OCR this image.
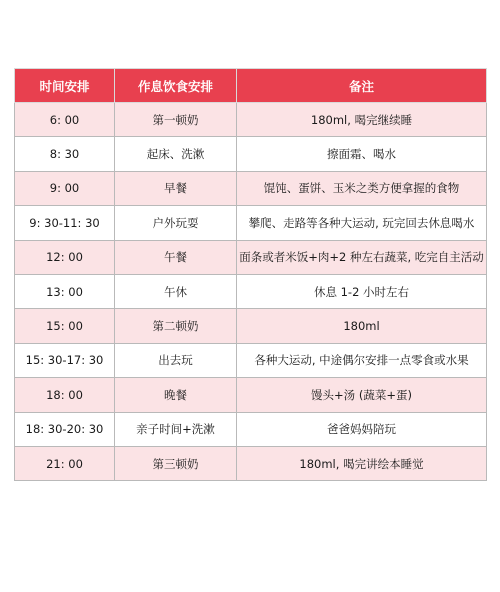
时间安排	作息饮食安排	备注
6: 00	第一顿奶	180ml, 喝完继续睡
8: 30	起床、洗漱	擦面霜、喝水
9: 00	早餐	馄饨、蛋饼、玉米之类方便拿握的食物
9: 30-11: 30	户外玩耍	攀爬、走路等各种大运动, 玩完回去休息喝水
12: 00	午餐	面条或者米饭+肉+2 种左右蔬菜, 吃完自主活动
13: 00	午休	休息 1-2 小时左右
15: 00	第二顿奶	180ml
15: 30-17: 30	出去玩	各种大运动, 中途偶尔安排一点零食或水果
18: 00	晚餐	馒头+汤 (蔬菜+蛋)
18: 30-20: 30	亲子时间+洗漱	爸爸妈妈陪玩
21: 00	第三顿奶	180ml, 喝完讲绘本睡觉
